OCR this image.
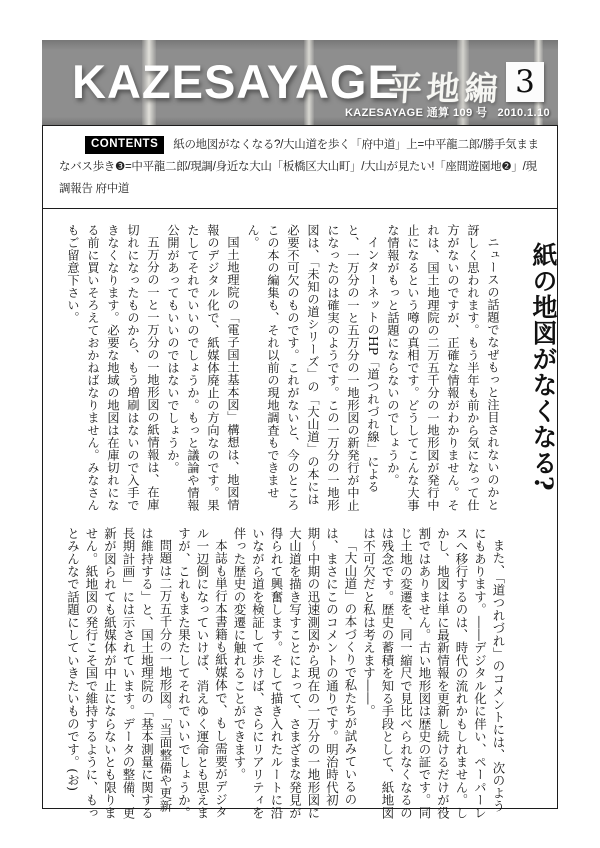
KAZESAYAGE
平地編 3
KAZESAYAGE 通算 109 号 2010.1.10

CONTENTS 紙の地図がなくなる?/大山道を歩く「府中道」上=中平龍二郎/勝手気ままなバス歩き❸=中平龍二郎/現調/身近な大山「板橋区大山町」/大山が見たい!「座間遊園地❷」/現調報告 府中道

紙の地図がなくなる?

ニュースの話題でなぜもっと注目されないのかと訝しく思われます。もう半年も前から気になって仕方がないのですが、正確な情報がわかりません。それは、国土地理院の二万五千分の一地形図が発行中止になるという噂の真相です。どうしてこんな大事な情報がもっと話題にならないのでしょうか。

インターネットのHP「道つれづれ線」によると、一万分の一と五万分の一地形図の新発行が中止になったのは確実のようです。この一万分の一地形図は、「未知の道シリーズ」の「大山道」の本には必要不可欠のものです。これがないと、今のところこの本の編集も、それ以前の現地調査もできません。

国土地理院の「電子国土基本図」構想は、地図情報のデジタル化で、紙媒体廃止の方向なのです。果たしてそれでいいのでしょうか。もっと議論や情報公開があってもいいのではないでしょうか。

五万分の一と一万分の一地形図の紙情報は、在庫切れになったものから、もう増刷はないので入手できなくなります。必要な地域の地図は在庫切れになる前に買いそろえておかねばなりません。みなさんもご留意下さい。

また、「道つれづれ」のコメントには、次のようにもあります。――デジタル化に伴い、ペーパーレスへ移行するのは、時代の流れかもしれません。しかし、地図は単に最新情報を更新し続けるだけが役割ではありません。古い地形図は歴史の証です。同じ土地の変遷を、同一縮尺で見比べられなくなるのは残念です。歴史の蓄積を知る手段として、紙地図は不可欠だと私は考えます――。

「大山道」の本づくりで私たちが試みているのは、まさにこのコメントの通りです。明治時代初期〜中期の迅速測図から現在の一万分の一地形図に大山道を描き写すことによって、さまざまな発見が得られて興奮します。そして描き入れたルートに沿いながら道を検証して歩けば、さらにリアリティを伴った歴史の変遷に触れることができます。

本誌も単行本書籍も紙媒体で、もし需要がデジタル一辺倒になっていけば、消えゆく運命とも思えますが、これもまた果たしてそれでいいでしょうか。

問題は二万五千分の一地形図。「当面整備や更新は維持する」と、国土地理院の「基本測量に関する長期計画」には示されています。データの整備、更新が図られても紙媒体が中止にならないとも限りません。紙地図の発行こそ国で維持するように、もっとみんなで話題にしていきたいものです。(お)
